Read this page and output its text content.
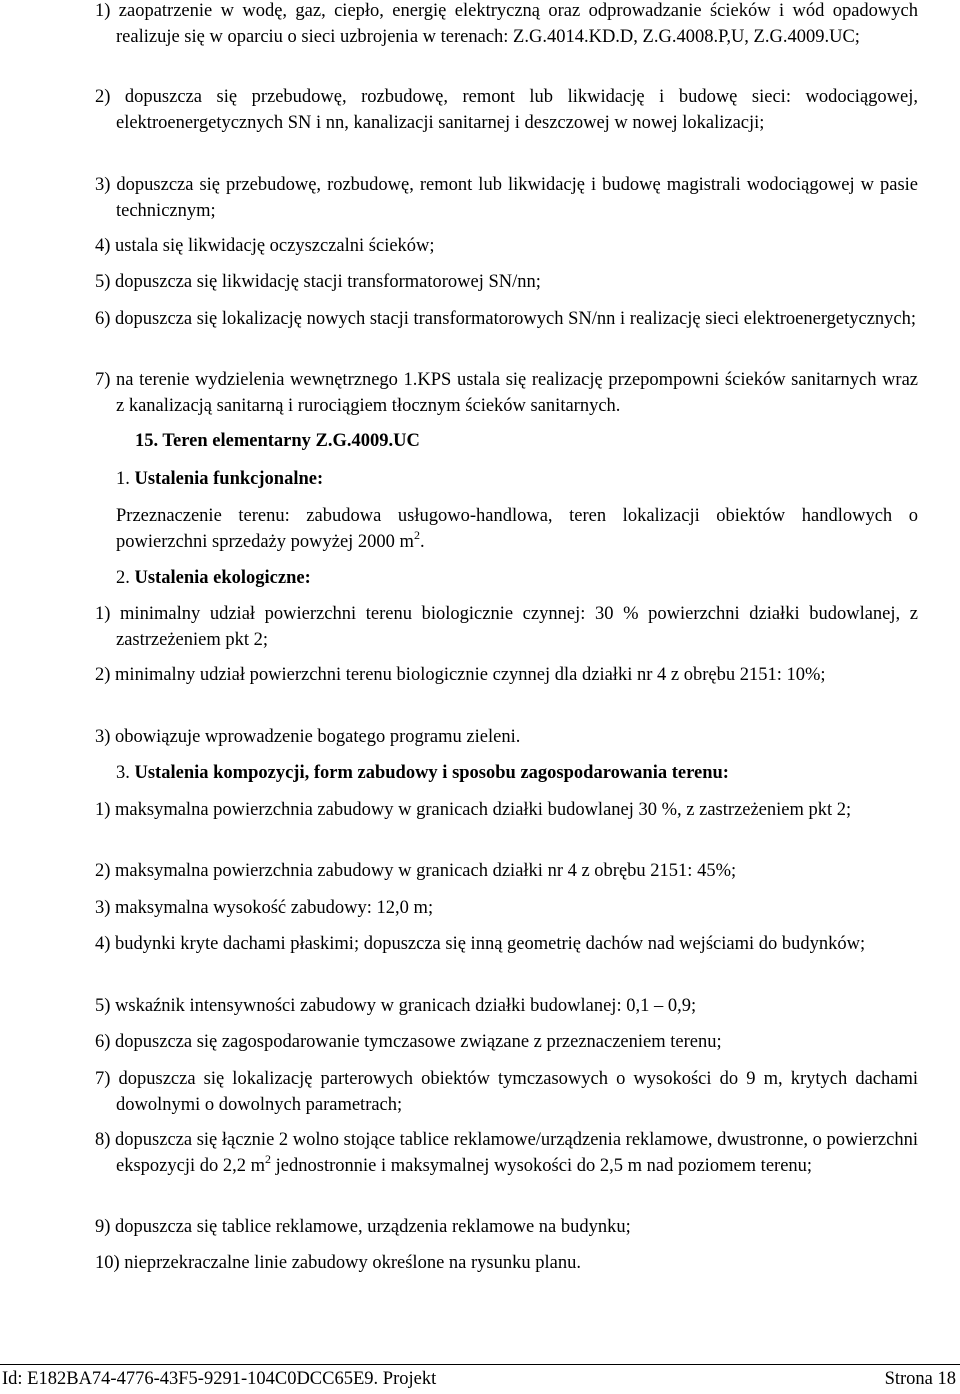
1) zaopatrzenie w wodę, gaz, ciepło, energię elektryczną oraz odprowadzanie ścieków i wód opadowych realizuje się w oparciu o sieci uzbrojenia w terenach: Z.G.4014.KD.D, Z.G.4008.P,U, Z.G.4009.UC;
2) dopuszcza się przebudowę, rozbudowę, remont lub likwidację i budowę sieci: wodociągowej, elektroenergetycznych SN i nn, kanalizacji sanitarnej i deszczowej w nowej lokalizacji;
3) dopuszcza się przebudowę, rozbudowę, remont lub likwidację i budowę magistrali wodociągowej w pasie technicznym;
4) ustala się likwidację oczyszczalni ścieków;
5) dopuszcza się likwidację stacji transformatorowej SN/nn;
6) dopuszcza się lokalizację nowych stacji transformatorowych SN/nn i realizację sieci elektroenergetycznych;
7) na terenie wydzielenia wewnętrznego 1.KPS ustala się realizację przepompowni ścieków sanitarnych wraz z kanalizacją sanitarną i rurociągiem tłocznym ścieków sanitarnych.
15. Teren elementarny Z.G.4009.UC
1. Ustalenia funkcjonalne:
Przeznaczenie terenu: zabudowa usługowo-handlowa, teren lokalizacji obiektów handlowych o powierzchni sprzedaży powyżej 2000 $m^2$.
2. Ustalenia ekologiczne:
1) minimalny udział powierzchni terenu biologicznie czynnej: 30 % powierzchni działki budowlanej, z zastrzeżeniem pkt 2;
2) minimalny udział powierzchni terenu biologicznie czynnej dla działki nr 4 z obrębu 2151: 10%;
3) obowiązuje wprowadzenie bogatego programu zieleni.
3. Ustalenia kompozycji, form zabudowy i sposobu zagospodarowania terenu:
1) maksymalna powierzchnia zabudowy w granicach działki budowlanej 30 %, z zastrzeżeniem pkt 2;
2) maksymalna powierzchnia zabudowy w granicach działki nr 4 z obrębu 2151: 45%;
3) maksymalna wysokość zabudowy: 12,0 m;
4) budynki kryte dachami płaskimi; dopuszcza się inną geometrię dachów nad wejściami do budynków;
5) wskaźnik intensywności zabudowy w granicach działki budowlanej: 0,1 – 0,9;
6) dopuszcza się zagospodarowanie tymczasowe związane z przeznaczeniem terenu;
7) dopuszcza się lokalizację parterowych obiektów tymczasowych o wysokości do 9 m, krytych dachami dowolnymi o dowolnych parametrach;
8) dopuszcza się łącznie 2 wolno stojące tablice reklamowe/urządzenia reklamowe, dwustronne, o powierzchni ekspozycji do 2,2 $m^2$ jednostronnie i maksymalnej wysokości do 2,5 m nad poziomem terenu;
9) dopuszcza się tablice reklamowe, urządzenia reklamowe na budynku;
10) nieprzekraczalne linie zabudowy określone na rysunku planu.
Id: E182BA74-4776-43F5-9291-104C0DCC65E9. Projekt	Strona 18
